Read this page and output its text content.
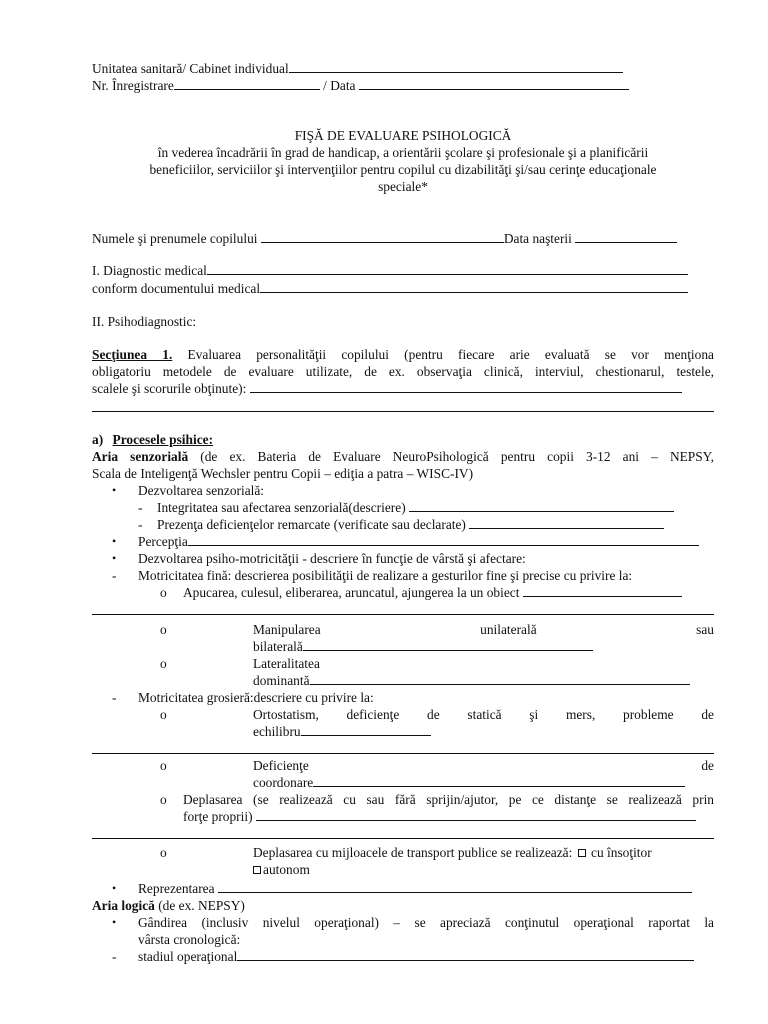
Unitatea sanitară/ Cabinet individual
Nr. Înregistrare	/ Data
FIŞĂ DE EVALUARE PSIHOLOGICĂ
în vederea încadrării în grad de handicap, a orientării şcolare şi profesionale şi a planificării
beneficiilor, serviciilor şi intervenţiilor pentru copilul cu dizabilităţi şi/sau cerinţe educaţionale
speciale*
Numele şi prenumele copilului	Data naşterii
I. Diagnostic medical
conform documentului medical
II. Psihodiagnostic:
Secţiunea 1. Evaluarea personalităţii copilului (pentru fiecare arie evaluată se vor menţiona
obligatoriu metodele de evaluare utilizate, de ex. observaţia clinică, interviul, chestionarul, testele,
scalele şi scorurile obţinute):
a) Procesele psihice:
Aria senzorială (de ex. Bateria de Evaluare NeuroPsihologică pentru copii 3-12 ani – NEPSY,
Scala de Inteligenţă Wechsler pentru Copii – ediţia a patra – WISC-IV)
• Dezvoltarea senzorială:
- Integritatea sau afectarea senzorială(descriere)
- Prezenţa deficienţelor remarcate (verificate sau declarate)
• Percepţia
• Dezvoltarea psiho-motricităţii - descriere în funcţie de vârstă şi afectare:
- Motricitatea fină: descrierea posibilităţii de realizare a gesturilor fine şi precise cu privire la:
o Apucarea, culesul, eliberarea, aruncatul, ajungerea la un obiect
o	Manipularea	unilaterală	sau
bilaterală
o	Lateralitatea
dominantă
- Motricitatea grosieră:descriere cu privire la:
o	Ortostatism, deficienţe de statică şi mers, probleme de
echilibru
o	Deficienţe	de
coordonare
o Deplasarea (se realizează cu sau fără sprijin/ajutor, pe ce distanţe se realizează prin
forţe proprii)
o	Deplasarea cu mijloacele de transport publice se realizează:  cu însoţitor
autonom
• Reprezentarea
Aria logică (de ex. NEPSY)
• Gândirea (inclusiv nivelul operaţional) – se apreciază conţinutul operaţional raportat la
vârsta cronologică:
- stadiul operaţional
